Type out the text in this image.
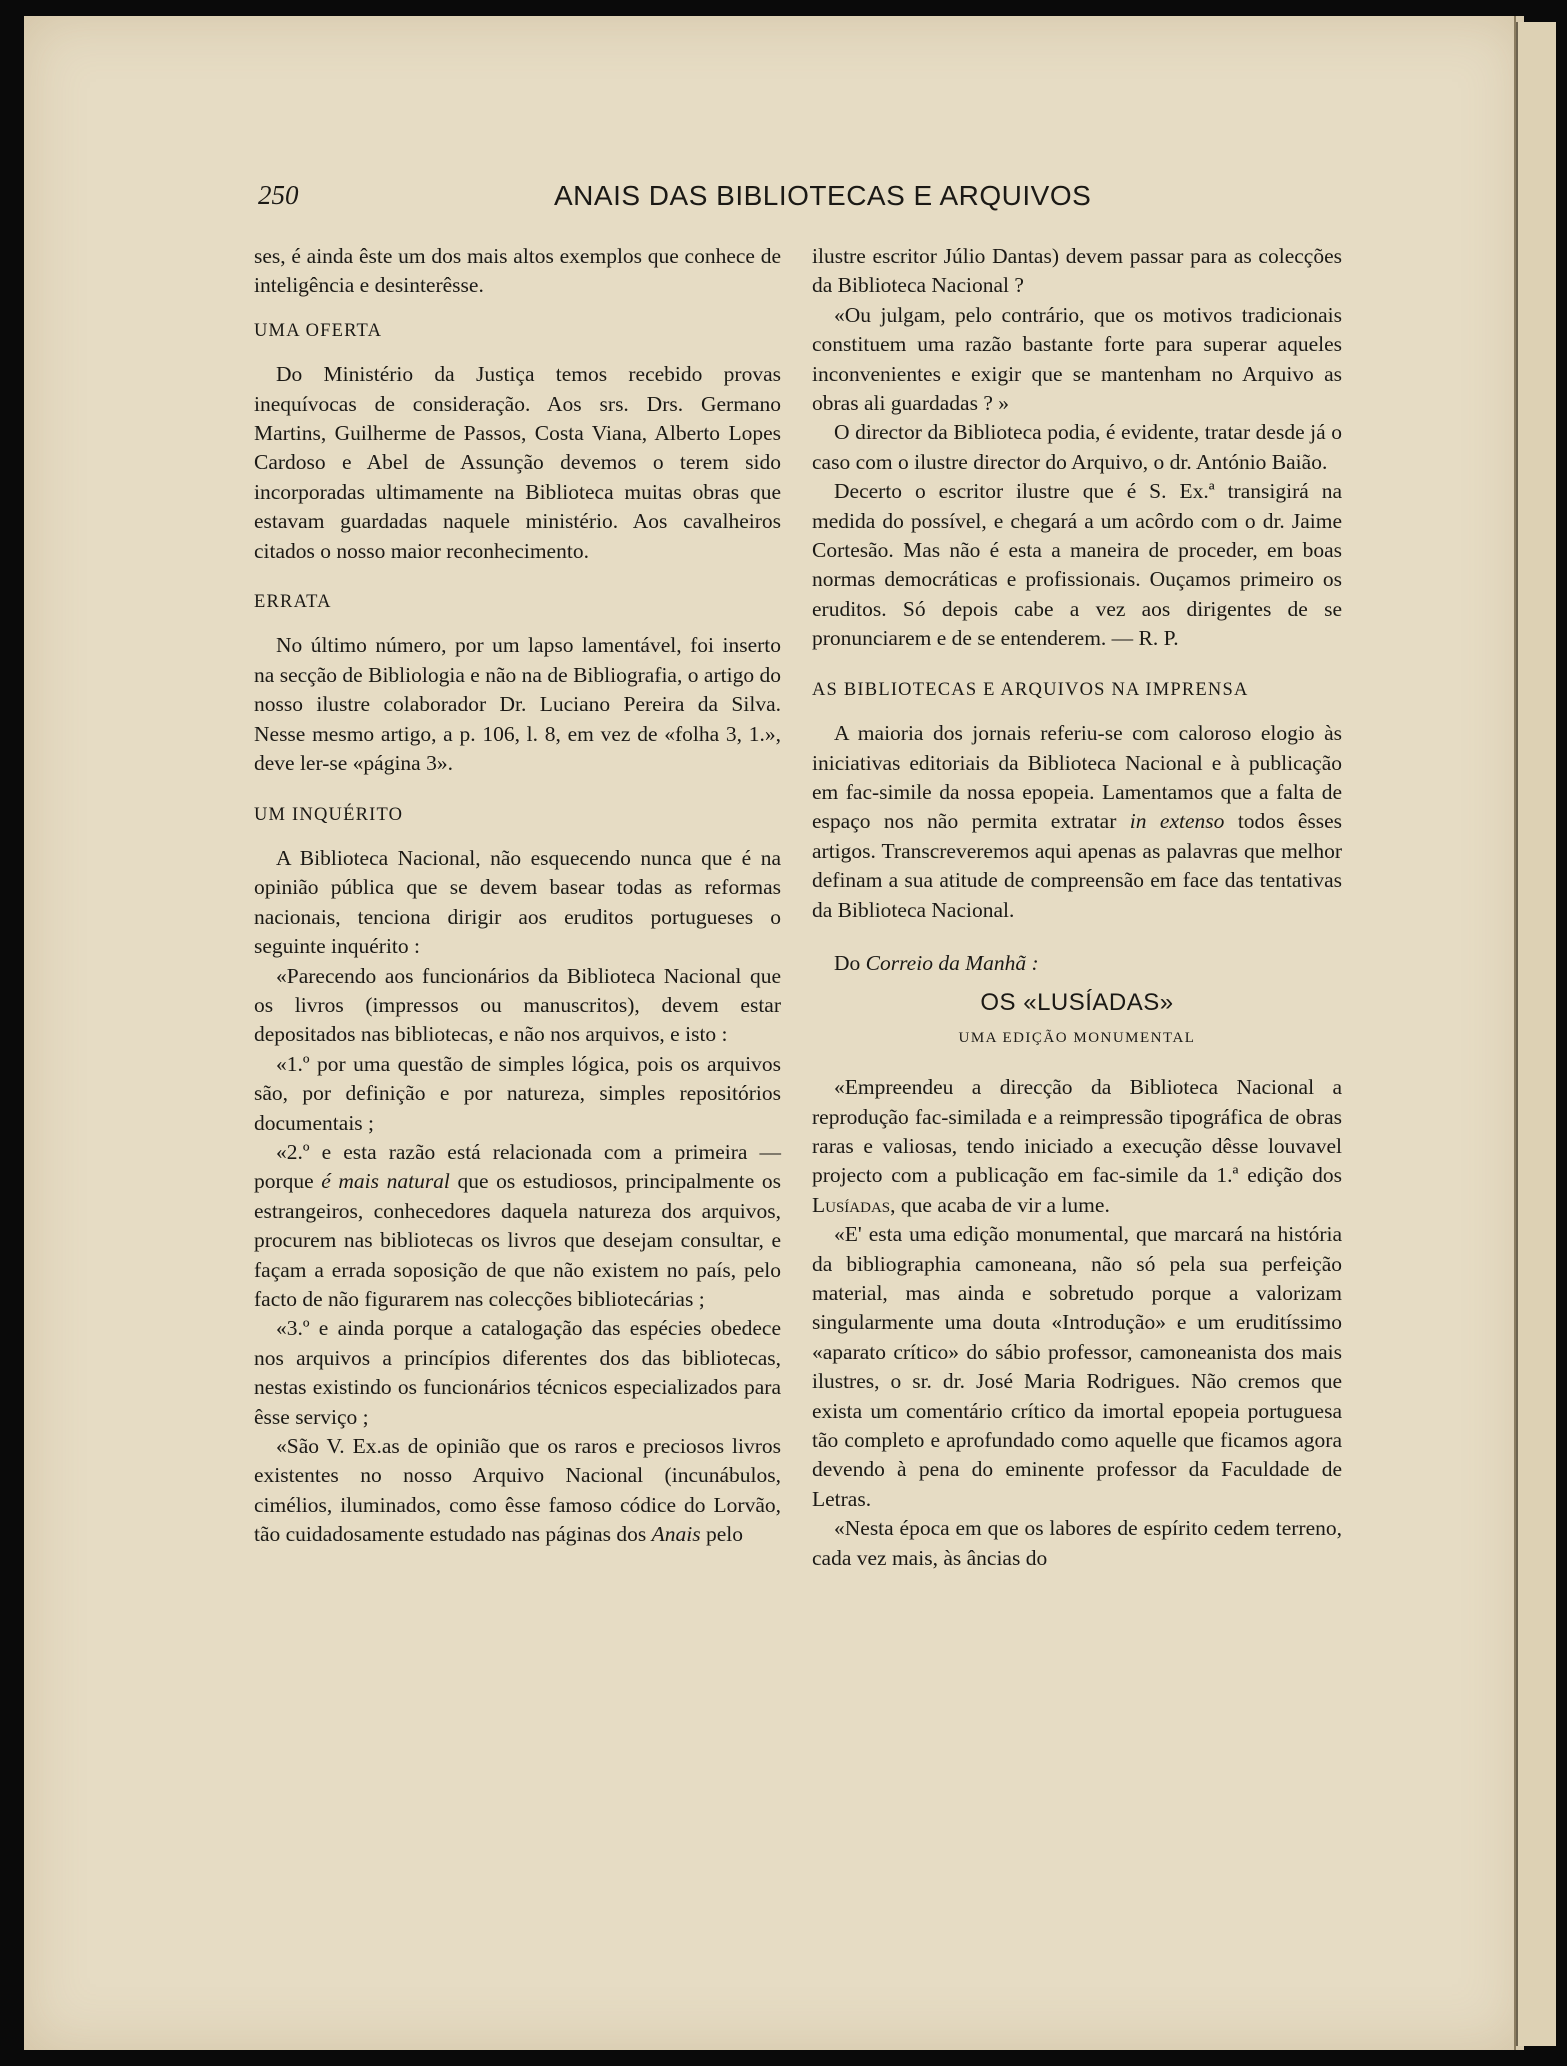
250	ANAIS DAS BIBLIOTECAS E ARQUIVOS

ses, é ainda êste um dos mais altos exemplos que conhece de inteligência e desinterêsse.

UMA OFERTA

Do Ministério da Justiça temos recebido provas inequívocas de consideração. Aos srs. Drs. Germano Martins, Guilherme de Passos, Costa Viana, Alberto Lopes Cardoso e Abel de Assunção devemos o terem sido incorporadas ultimamente na Biblioteca muitas obras que estavam guardadas naquele ministério. Aos cavalheiros citados o nosso maior reconhecimento.

ERRATA

No último número, por um lapso lamentável, foi inserto na secção de Bibliologia e não na de Bibliografia, o artigo do nosso ilustre colaborador Dr. Luciano Pereira da Silva. Nesse mesmo artigo, a p. 106, l. 8, em vez de «folha 3, 1.», deve ler-se «página 3».

UM INQUÉRITO

A Biblioteca Nacional, não esquecendo nunca que é na opinião pública que se devem basear todas as reformas nacionais, tenciona dirigir aos eruditos portugueses o seguinte inquérito :

«Parecendo aos funcionários da Biblioteca Nacional que os livros (impressos ou manuscritos), devem estar depositados nas bibliotecas, e não nos arquivos, e isto :

«1.º por uma questão de simples lógica, pois os arquivos são, por definição e por natureza, simples repositórios documentais ;

«2.º e esta razão está relacionada com a primeira — porque é mais natural que os estudiosos, principalmente os estrangeiros, conhecedores daquela natureza dos arquivos, procurem nas bibliotecas os livros que desejam consultar, e façam a errada soposição de que não existem no país, pelo facto de não figurarem nas colecções bibliotecárias ;

«3.º e ainda porque a catalogação das espécies obedece nos arquivos a princípios diferentes dos das bibliotecas, nestas existindo os funcionários técnicos especializados para êsse serviço ;

«São V. Ex.as de opinião que os raros e preciosos livros existentes no nosso Arquivo Nacional (incunábulos, cimélios, iluminados, como êsse famoso códice do Lorvão, tão cuidadosamente estudado nas páginas dos Anais pelo

ilustre escritor Júlio Dantas) devem passar para as colecções da Biblioteca Nacional ?

«Ou julgam, pelo contrário, que os motivos tradicionais constituem uma razão bastante forte para superar aqueles inconvenientes e exigir que se mantenham no Arquivo as obras ali guardadas ? »

O director da Biblioteca podia, é evidente, tratar desde já o caso com o ilustre director do Arquivo, o dr. António Baião.

Decerto o escritor ilustre que é S. Ex.ª transigirá na medida do possível, e chegará a um acôrdo com o dr. Jaime Cortesão. Mas não é esta a maneira de proceder, em boas normas democráticas e profissionais. Ouçamos primeiro os eruditos. Só depois cabe a vez aos dirigentes de se pronunciarem e de se entenderem. — R. P.

AS BIBLIOTECAS E ARQUIVOS NA IMPRENSA

A maioria dos jornais referiu-se com caloroso elogio às iniciativas editoriais da Biblioteca Nacional e à publicação em fac-simile da nossa epopeia. Lamentamos que a falta de espaço nos não permita extratar in extenso todos êsses artigos. Transcreveremos aqui apenas as palavras que melhor definam a sua atitude de compreensão em face das tentativas da Biblioteca Nacional.

Do Correio da Manhã :

OS «LUSÍADAS»
UMA EDIÇÃO MONUMENTAL

«Empreendeu a direcção da Biblioteca Nacional a reprodução fac-similada e a reimpressão tipográfica de obras raras e valiosas, tendo iniciado a execução dêsse louvavel projecto com a publicação em fac-simile da 1.ª edição dos Lusíadas, que acaba de vir a lume.

«E' esta uma edição monumental, que marcará na história da bibliographia camoneana, não só pela sua perfeição material, mas ainda e sobretudo porque a valorizam singularmente uma douta «Introdução» e um eruditíssimo «aparato crítico» do sábio professor, camoneanista dos mais ilustres, o sr. dr. José Maria Rodrigues. Não cremos que exista um comentário crítico da imortal epopeia portuguesa tão completo e aprofundado como aquelle que ficamos agora devendo à pena do eminente professor da Faculdade de Letras.

«Nesta época em que os labores de espírito cedem terreno, cada vez mais, às âncias do
